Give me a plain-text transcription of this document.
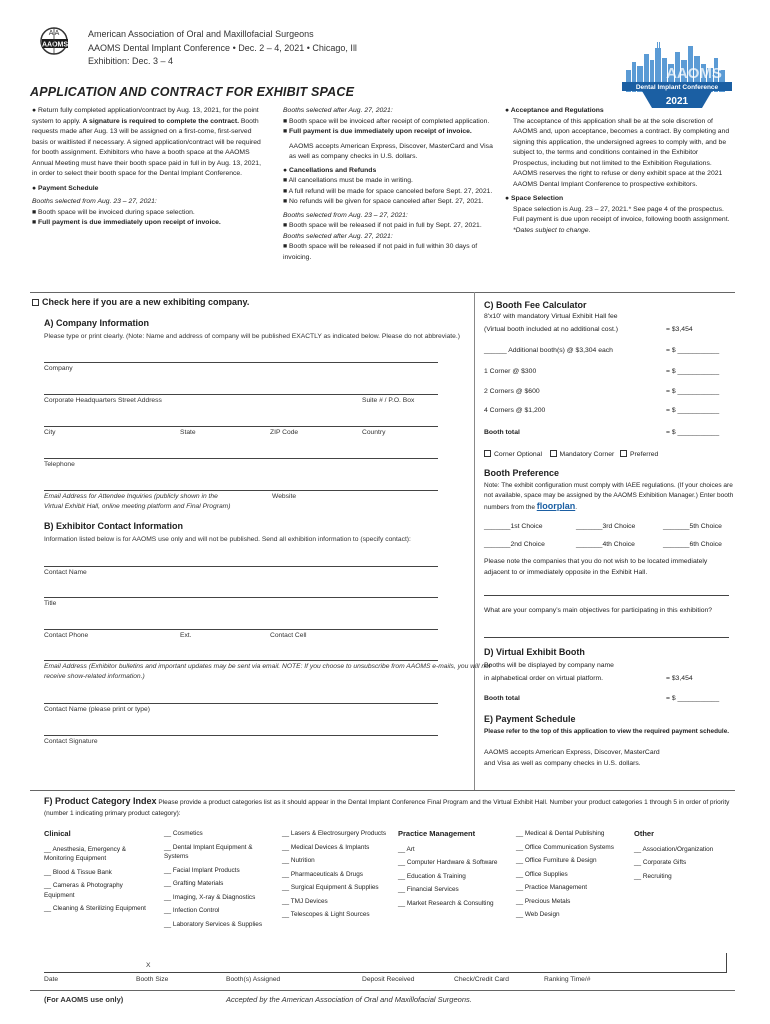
A A
AAOMS
American Association of Oral and Maxillofacial Surgeons
AAOMS Dental Implant Conference • Dec. 2 – 4, 2021 • Chicago, Ill
Exhibition: Dec. 3 – 4
AAOMS
Dental Implant Conference
2021
APPLICATION AND CONTRACT FOR EXHIBIT SPACE

● Return fully completed application/contract by Aug. 13, 2021, for the point system to apply. A signature is required to complete the contract. Booth requests made after Aug. 13 will be assigned on a first-come, first-served basis or waitlisted if necessary. A signed application/contract will be required for booth assignment. Exhibitors who have a booth space at the AAOMS Annual Meeting must have their booth space paid in full in by Aug. 13, 2021, in order to select their booth space for the Dental Implant Conference.

● Payment Schedule

Booths selected from Aug. 23 – 27, 2021:

■ Booth space will be invoiced during space selection.

■ Full payment is due immediately upon receipt of invoice.

Booths selected after Aug. 27, 2021:

■ Booth space will be invoiced after receipt of completed application.

■ Full payment is due immediately upon receipt of invoice.

AAOMS accepts American Express, Discover, MasterCard and Visa as well as company checks in U.S. dollars.

● Cancellations and Refunds

■ All cancellations must be made in writing.

■ A full refund will be made for space canceled before Sept. 27, 2021.

■ No refunds will be given for space canceled after Sept. 27, 2021.

Booths selected from Aug. 23 – 27, 2021:

■ Booth space will be released if not paid in full by Sept. 27, 2021.

Booths selected after Aug. 27, 2021:

■ Booth space will be released if not paid in full within 30 days of invoicing.

● Acceptance and Regulations

The acceptance of this application shall be at the sole discretion of AAOMS and, upon acceptance, becomes a contract. By completing and signing this application, the undersigned agrees to comply with, and be subject to, the terms and conditions contained in the Exhibitor Prospectus, including but not limited to the Exhibition Regulations. AAOMS reserves the right to refuse or deny exhibit space at the 2021 AAOMS Dental Implant Conference to prospective exhibitors.

● Space Selection

Space selection is Aug. 23 – 27, 2021.* See page 4 of the prospectus. Full payment is due upon receipt of invoice, following booth assignment.

*Dates subject to change.

Check here if you are a new exhibiting company.
A) Company Information
Please type or print clearly. (Note: Name and address of company will be published EXACTLY as indicated below. Please do not abbreviate.)
Company
Corporate Headquarters Street Address	Suite # / P.O. Box
City	State	ZIP Code	Country
Telephone
Email Address for Attendee Inquiries (publicly shown in the
Virtual Exhibit Hall, online meeting platform and Final Program)
Website
B) Exhibitor Contact Information
Information listed below is for AAOMS use only and will not be published. Send all exhibition information to (specify contact):
Contact Name
Title
Contact Phone	Ext.	Contact Cell
Email Address (Exhibitor bulletins and important updates may be sent via email. NOTE: If you choose to unsubscribe from AAOMS e-mails, you will not
receive show-related information.)
Contact Name (please print or type)
Contact Signature
C) Booth Fee Calculator
8'x10' with mandatory Virtual Exhibit Hall fee
(Virtual booth included at no additional cost.)	= $3,454
______ Additional booth(s) @ $3,304 each	= $ ___________
1 Corner @ $300	= $ ___________
2 Corners @ $600	= $ ___________
4 Corners @ $1,200	= $ ___________
Booth total	= $ ___________
Corner Optional	Mandatory Corner Preferred
Booth Preference
Note: The exhibit configuration must comply with IAEE regulations. (If your choices are not available, space may be assigned by the AAOMS Exhibition Manager.) Enter booth numbers from the floorplan.
_______1st Choice	_______3rd Choice	_______5th Choice
_______2nd Choice	_______4th Choice	_______6th Choice
Please note the companies that you do not wish to be located immediately adjacent to or immediately opposite in the Exhibit Hall.
What are your company’s main objectives for participating in this exhibition?
D) Virtual Exhibit Booth
Booths will be displayed by company name
in alphabetical order on virtual platform.	= $3,454
Booth total	= $ ___________
E) Payment Schedule
Please refer to the top of this application to view the required payment schedule.
AAOMS accepts American Express, Discover, MasterCard and Visa as well as company checks in U.S. dollars.
F) Product Category Index Please provide a product categories list as it should appear in the Dental Implant Conference Final Program and the Virtual Exhibit Hall. Number your product categories 1 through 5 in order of priority (number 1 indicating primary product category):
Clinical
__ Anesthesia, Emergency & Monitoring Equipment
__ Blood & Tissue Bank
__ Cameras & Photography Equipment
__ Cleaning & Sterilizing Equipment
__ Cosmetics
__ Dental Implant Equipment & Systems
__ Facial Implant Products
__ Grafting Materials
__ Imaging, X-ray & Diagnostics
__ Infection Control
__ Laboratory Services & Supplies
__ Lasers & Electrosurgery Products
__ Medical Devices & Implants
__ Nutrition
__ Pharmaceuticals & Drugs
__ Surgical Equipment & Supplies
__ TMJ Devices
__ Telescopes & Light Sources
Practice Management
__ Art
__ Computer Hardware & Software
__ Education & Training
__ Financial Services
__ Market Research & Consulting
__ Medical & Dental Publishing
__ Office Communication Systems
__ Office Furniture & Design
__ Office Supplies
__ Practice Management
__ Precious Metals
__ Web Design
Other
__ Association/Organization
__ Corporate Gifts
__ Recruiting
X
Date	Booth Size	Booth(s) Assigned	Deposit Received	Check/Credit Card	Ranking Time/#
(For AAOMS use only)	Accepted by the American Association of Oral and Maxillofacial Surgeons.
